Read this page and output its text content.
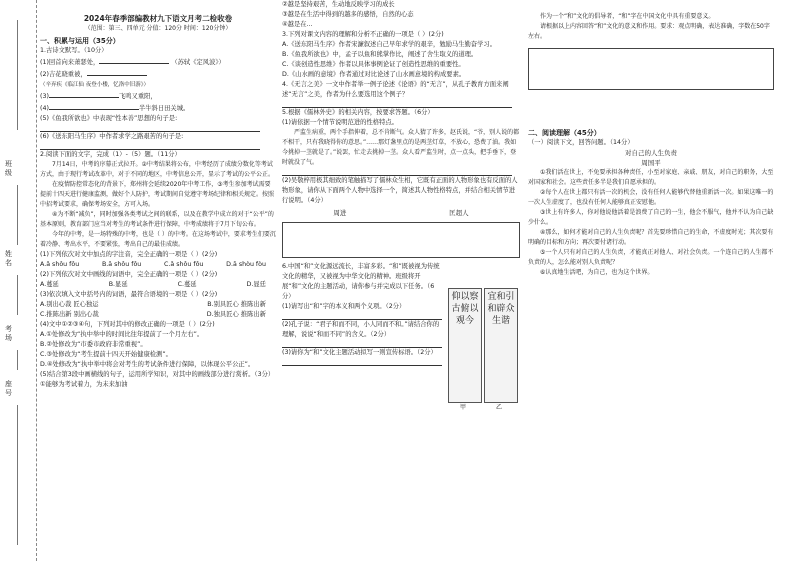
班级
姓名
考场
座号
2024年春季部编教材九下语文月考二检收卷
（范围：第三、四单元 分值：120分 时间：120分钟）
一、积累与运用（35分）
1.古诗文默写。（10分）
(1)回首向来萧瑟处，	（苏轼《定风波》）
(2)吉花晓重被，
（辛弃疾《临江仙 夜登小楼，忆洛中旧游》）
(3)	飞鸣又重阳，
(4)	半牛斜日田关城。
(5)《鱼我所欲也》中表现“性本善”思想的句子是:
(6)《送东阳马生序》中作者求学之路艰苦的句子是:
2.阅读下面的文字，完成（1）-（5）题。（11分）
7月14日，中考的序幕正式拉开。②中考结果将公布，中考经历了成绩分数化等考试方式，由于现行考试改革中，对于不同的地区，中考信息公开，显示了考试的公平公正。
在疫情防控常态化的背景下，郑州将会延续2020年中考工作，③考生参加考试需要提前十四天进行健康监测，做好个人防护，考试期间自觉遵守考场纪律和相关规定。按照中招考试要求，确保考场安全，方可入场。
④为不断“减负”，同时加强各类考试之间的联系，以及在教学中成立的对于“公平”的基本原则，教育部门应当对考生的考试条件进行保障，中考成绩将于7月下旬公布。
今年的中考，是一场特殊的中考，也是（ ）的中考。在这场考试中，要求考生们要沉着冷静、考出水平，不要紧张，考出自己的最佳成绩。
(1)下列依次对文中加点的字注音，完全正确的一项是（ ）(2分)
A.ǎ shǒu fǒu	B.ā shǒu fǒu	C.ǎ shǒu fǒu	D.ā shòu fòu
(2)下列依次对文中画线的词语中，完全正确的一项是（ ）(2分)
A.蔓延	B.显延	C.蔓延	D.显廷
(3)依次填入文中括号内的词语，最符合语境的一项是（ ）(2分)
A.别出心裁 匠心独运	B.别具匠心 推陈出新
C.推陈出新 别出心裁	D.独具匠心 推陈出新
(4)文中①②③④句，下列对其中的修改正确的一项是（ ）(2分)
A.①处修改为“执中举中的时间比往年提前了一个月左右”。
B.②处修改为“市委市政府非常重视”。
C.③处修改为“考生提前十四天开始健康检测”。
D.④处修改为“执中举中将会对考生的考试条件进行保障，以体现公平公正”。
(5)结合第3段中画横线的句子，运用所学知识，对其中的画线部分进行赏析。（3分）
①能够为考试着力，为未来加油
②越是坚持艰苦，生动地反映学习的成长
③越是在生活中得到的越多的感悟，自然的心态
④越是在...
3.下列对课文内容的理解和分析不正确的一项是（ ）(2分)
A.《送东阳马生序》作者宋濂叙述自己早年求学的艰辛，勉励马生勤奋学习。
B.《鱼我所欲也》中，孟子以鱼和熊掌作比，阐述了舍生取义的道理。
C.《谈创造性思维》作者以具体事例论证了创造性思维的重要性。
D.《山水画的意境》作者通过对比论述了山水画意境的构成要素。
4.《无言之美》一文中作者举一例子论述《论语》的“无言”，从孔子教育方面来阐述“无言”之美，作者为什么要选用这个例子？
5.根据《儒林外史》的相关内容，按要求答题。（6分）
(1)请依据一个情节说明范进的性格特点。
严监生病重，两个手指伸着，总不肯断气。众人猜了许多，赵氏说，“爷，别人说的都不相干，只有我晓得你的意思。”……那灯盏里点的是两茎灯草，不放心，恐费了油。我如今挑掉一茎就是了。”说罢，忙走去挑掉一茎。众人看严监生时，点一点头，把手垂下，登时就没了气。
(2)吴敬梓用极其细致的笔触描写了儒林众生相，它既有正面的人物形象也有反面的人物形象，请你从下面两个人物中选择一个，简述其人物性格特点，并结合相关情节进行说明。（4分）
周进	匡超人
6.中国“和”文化源远流长，丰富多彩。“和”既被视为传统文化的精华，又被视为中华文化的精神。班级将开展“和”文化的主题活动，请你参与并完成以下任务。（6分）
(1)请写出“和”字的本义和两个义项。（2分）
(2)孔子说：“君子和而不同，小人同而不和。”请结合你的理解，说说“和而不同”的含义。（2分）
(3)请你为“和”文化主题活动拟写一则宣传标语。（2分）
仰以察古俯以观今
宜和引和辟众生谐
甲	乙
作为一个“和”文化的倡导者，“和”字在中国文化中具有重要意义。
请根据以上内容回答“和”文化的意义和作用。要求：观点明确，表达准确，字数在50字左右。
二、阅读理解（45分）
（一）阅读下文，回答问题。（14分）
对自己的人生负责
周国平
①我们活在世上，不免要承担各种责任，小至对家庭、亲戚、朋友，对自己的职务，大至对国家和社会。这些责任多半是我们自愿承担的。
②每个人在世上都只有活一次的机会，没有任何人能够代替他重新活一次。如果这唯一的一次人生虚度了，也没有任何人能够真正安慰他。
③世上有许多人，你对他说他活着是浪费了自己的一生，他会不服气，他并不认为自己缺少什么。
④那么，如何才能对自己的人生负责呢？首先要珍惜自己的生命，不虚度时光；其次要有明确的目标和方向；再次要付诸行动。
⑤一个人只有对自己的人生负责，才能真正对他人、对社会负责。一个连自己的人生都不负责的人，怎么能对别人负责呢？
⑥认真地生活吧，为自己，也为这个世界。
